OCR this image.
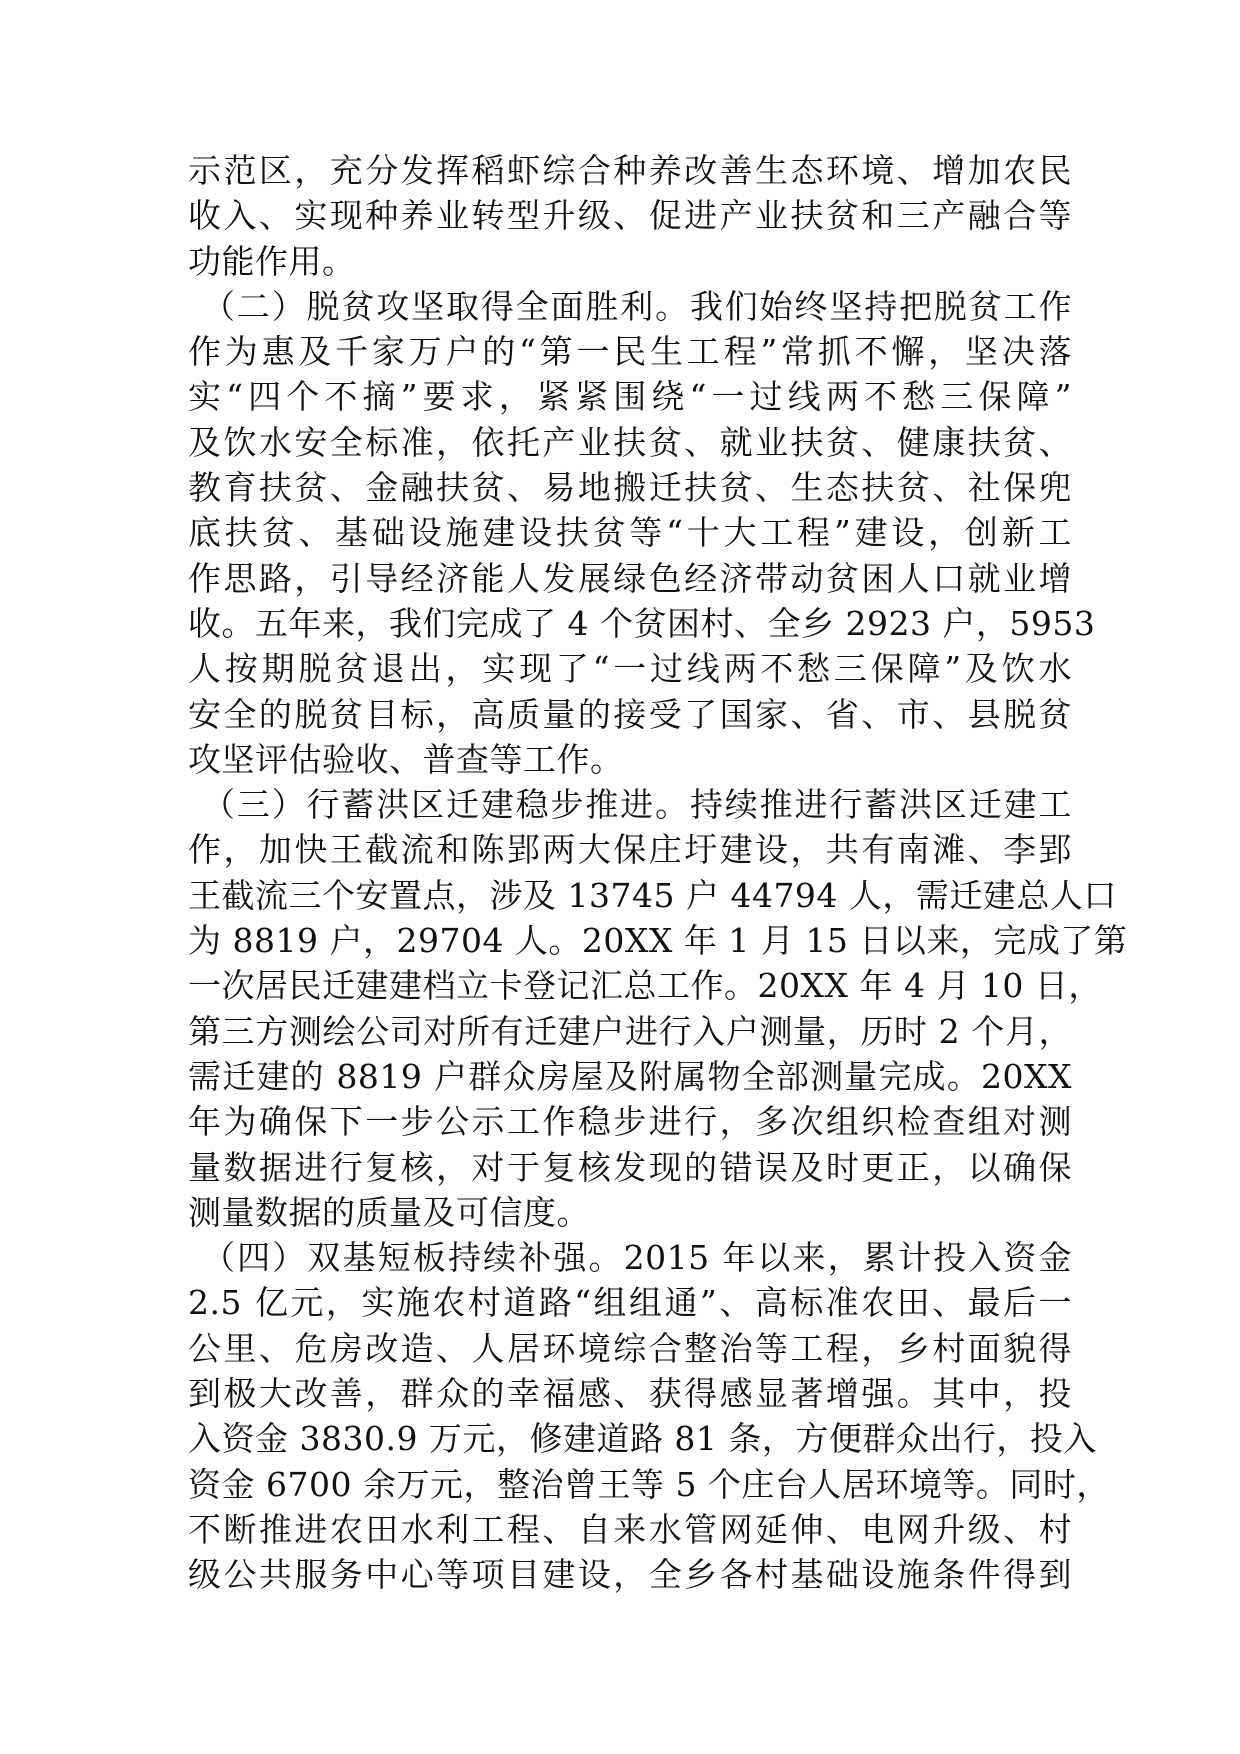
示范区，充分发挥稻虾综合种养改善生态环境、增加农民
收入、实现种养业转型升级、促进产业扶贫和三产融合等
功能作用。
（二）脱贫攻坚取得全面胜利。我们始终坚持把脱贫工作
作为惠及千家万户的“第一民生工程”常抓不懈，坚决落
实“四个不摘”要求，紧紧围绕“一过线两不愁三保障”
及饮水安全标准，依托产业扶贫、就业扶贫、健康扶贫、
教育扶贫、金融扶贫、易地搬迁扶贫、生态扶贫、社保兜
底扶贫、基础设施建设扶贫等“十大工程”建设，创新工
作思路，引导经济能人发展绿色经济带动贫困人口就业增
收。五年来，我们完成了 4 个贫困村、全乡 2923 户，5953
人按期脱贫退出，实现了“一过线两不愁三保障”及饮水
安全的脱贫目标，高质量的接受了国家、省、市、县脱贫
攻坚评估验收、普查等工作。
（三）行蓄洪区迁建稳步推进。持续推进行蓄洪区迁建工
作，加快王截流和陈郢两大保庄圩建设，共有南滩、李郢
王截流三个安置点，涉及 13745 户 44794 人，需迁建总人口
为 8819 户，29704 人。20XX 年 1 月 15 日以来，完成了第
一次居民迁建建档立卡登记汇总工作。20XX 年 4 月 10 日，
第三方测绘公司对所有迁建户进行入户测量，历时 2 个月，
需迁建的 8819 户群众房屋及附属物全部测量完成。20XX
年为确保下一步公示工作稳步进行，多次组织检查组对测
量数据进行复核，对于复核发现的错误及时更正，以确保
测量数据的质量及可信度。
（四）双基短板持续补强。2015 年以来，累计投入资金
2.5 亿元，实施农村道路“组组通”、高标准农田、最后一
公里、危房改造、人居环境综合整治等工程，乡村面貌得
到极大改善，群众的幸福感、获得感显著增强。其中，投
入资金 3830.9 万元，修建道路 81 条，方便群众出行，投入
资金 6700 余万元，整治曾王等 5 个庄台人居环境等。同时，
不断推进农田水利工程、自来水管网延伸、电网升级、村
级公共服务中心等项目建设，全乡各村基础设施条件得到
